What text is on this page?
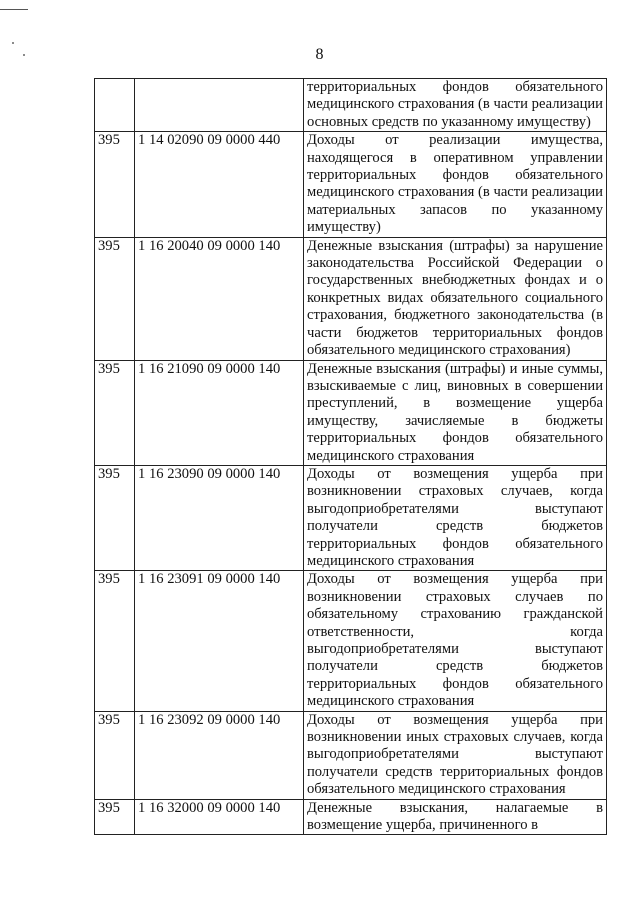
8
		территориальных фондов обязательного медицинского страхования (в части реализации основных средств по указанному имуществу)
395	1 14 02090 09 0000 440	Доходы от реализации имущества, находящегося в оперативном управлении территориальных фондов обязательного медицинского страхования (в части реализации материальных запасов по указанному имуществу)
395	1 16 20040 09 0000 140	Денежные взыскания (штрафы) за нарушение законодательства Российской Федерации о государственных внебюджетных фондах и о конкретных видах обязательного социального страхования, бюджетного законодательства (в части бюджетов территориальных фондов обязательного медицинского страхования)
395	1 16 21090 09 0000 140	Денежные взыскания (штрафы) и иные суммы, взыскиваемые с лиц, виновных в совершении преступлений, в возмещение ущерба имуществу, зачисляемые в бюджеты территориальных фондов обязательного медицинского страхования
395	1 16 23090 09 0000 140	Доходы от возмещения ущерба при возникновении страховых случаев, когда выгодоприобретателями выступают получатели средств бюджетов территориальных фондов обязательного медицинского страхования
395	1 16 23091 09 0000 140	Доходы от возмещения ущерба при возникновении страховых случаев по обязательному страхованию гражданской ответственности, когда выгодоприобретателями выступают получатели средств бюджетов территориальных фондов обязательного медицинского страхования
395	1 16 23092 09 0000 140	Доходы от возмещения ущерба при возникновении иных страховых случаев, когда выгодоприобретателями выступают получатели средств территориальных фондов обязательного медицинского страхования
395	1 16 32000 09 0000 140	Денежные взыскания, налагаемые в возмещение ущерба, причиненного в
